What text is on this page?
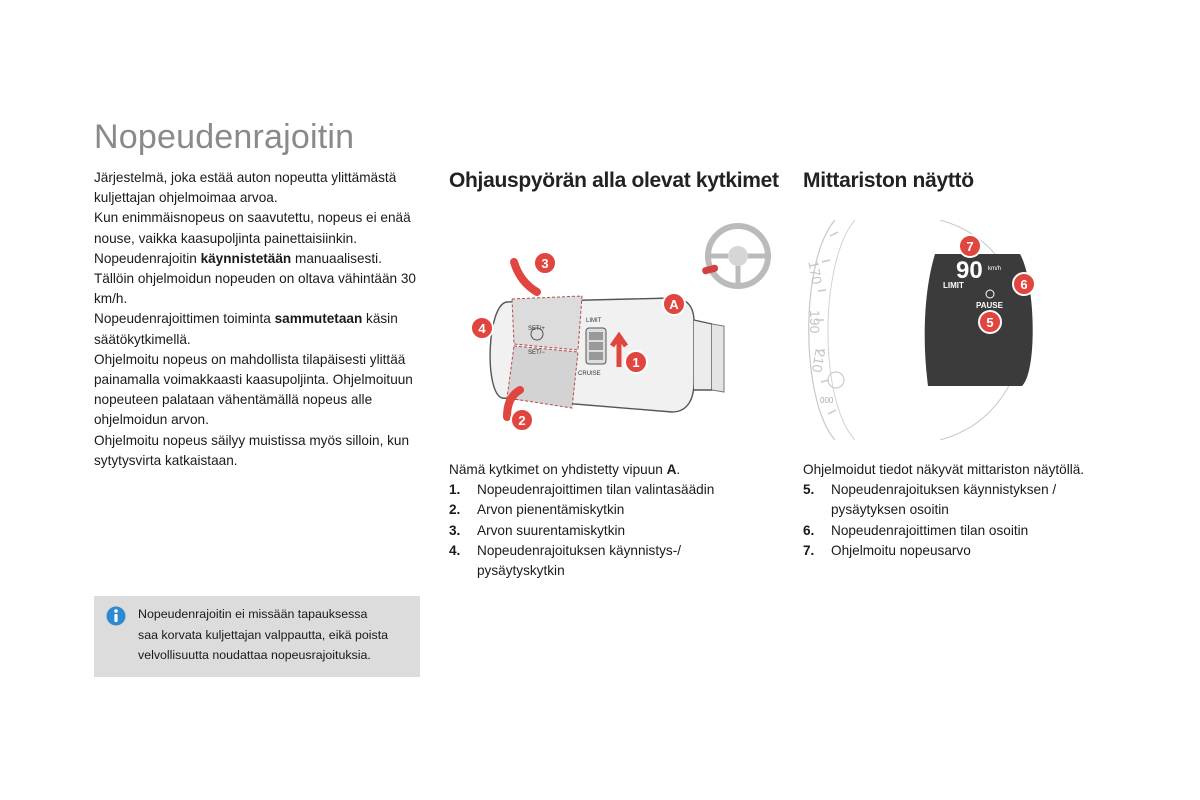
Nopeudenrajoitin

Järjestelmä, joka estää auton nopeutta ylittämästä kuljettajan ohjelmoimaa arvoa.

Kun enimmäisnopeus on saavutettu, nopeus ei enää nouse, vaikka kaasupoljinta painettaisiinkin.

Nopeudenrajoitin käynnistetään manuaalisesti. Tällöin ohjelmoidun nopeuden on oltava vähintään 30 km/h.

Nopeudenrajoittimen toiminta sammutetaan käsin säätökytkimellä.

Ohjelmoitu nopeus on mahdollista tilapäisesti ylittää painamalla voimakkaasti kaasupoljinta. Ohjelmoituun nopeuteen palataan vähentämällä nopeus alle ohjelmoidun arvon.

Ohjelmoitu nopeus säilyy muistissa myös silloin, kun sytytysvirta katkaistaan.

Ohjauspyörän alla olevat kytkimet Mittariston näyttö
SET/+
SET/−
LIMIT
CRUISE
3
4
1
2
A
170
190
210
000
90 km/h
LIMIT
PAUSE
7
6
5

Nämä kytkimet on yhdistetty vipuun A.

1. Nopeudenrajoittimen tilan valintasäädin
2. Arvon pienentämiskytkin
3. Arvon suurentamiskytkin
4. Nopeudenrajoituksen käynnistys-/ pysäytyskytkin

Ohjelmoidut tiedot näkyvät mittariston näytöllä.

5. Nopeudenrajoituksen käynnistyksen / pysäytyksen osoitin
6. Nopeudenrajoittimen tilan osoitin
7. Ohjelmoitu nopeusarvo
Nopeudenrajoitin ei missään tapauksessa
saa korvata kuljettajan valppautta, eikä poista
velvollisuutta noudattaa nopeusrajoituksia.
